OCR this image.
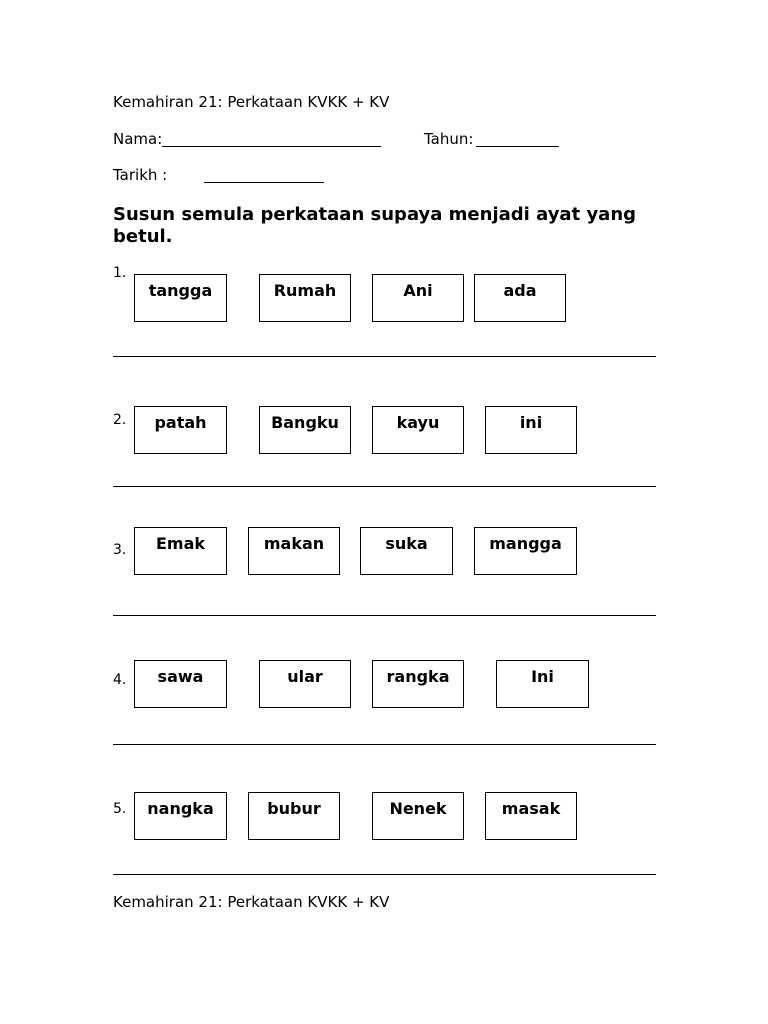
Kemahiran 21: Perkataan KVKK + KV
Nama:	Tahun:
Tarikh :
Susun semula perkataan supaya menjadi ayat yang betul.
1.
tangga	Rumah	Ani	ada
2.	patah	Bangku	kayu	ini
3.	Emak	makan	suka	mangga
4.	sawa	ular	rangka	Ini
5.	nangka	bubur	Nenek	masak
Kemahiran 21: Perkataan KVKK + KV
